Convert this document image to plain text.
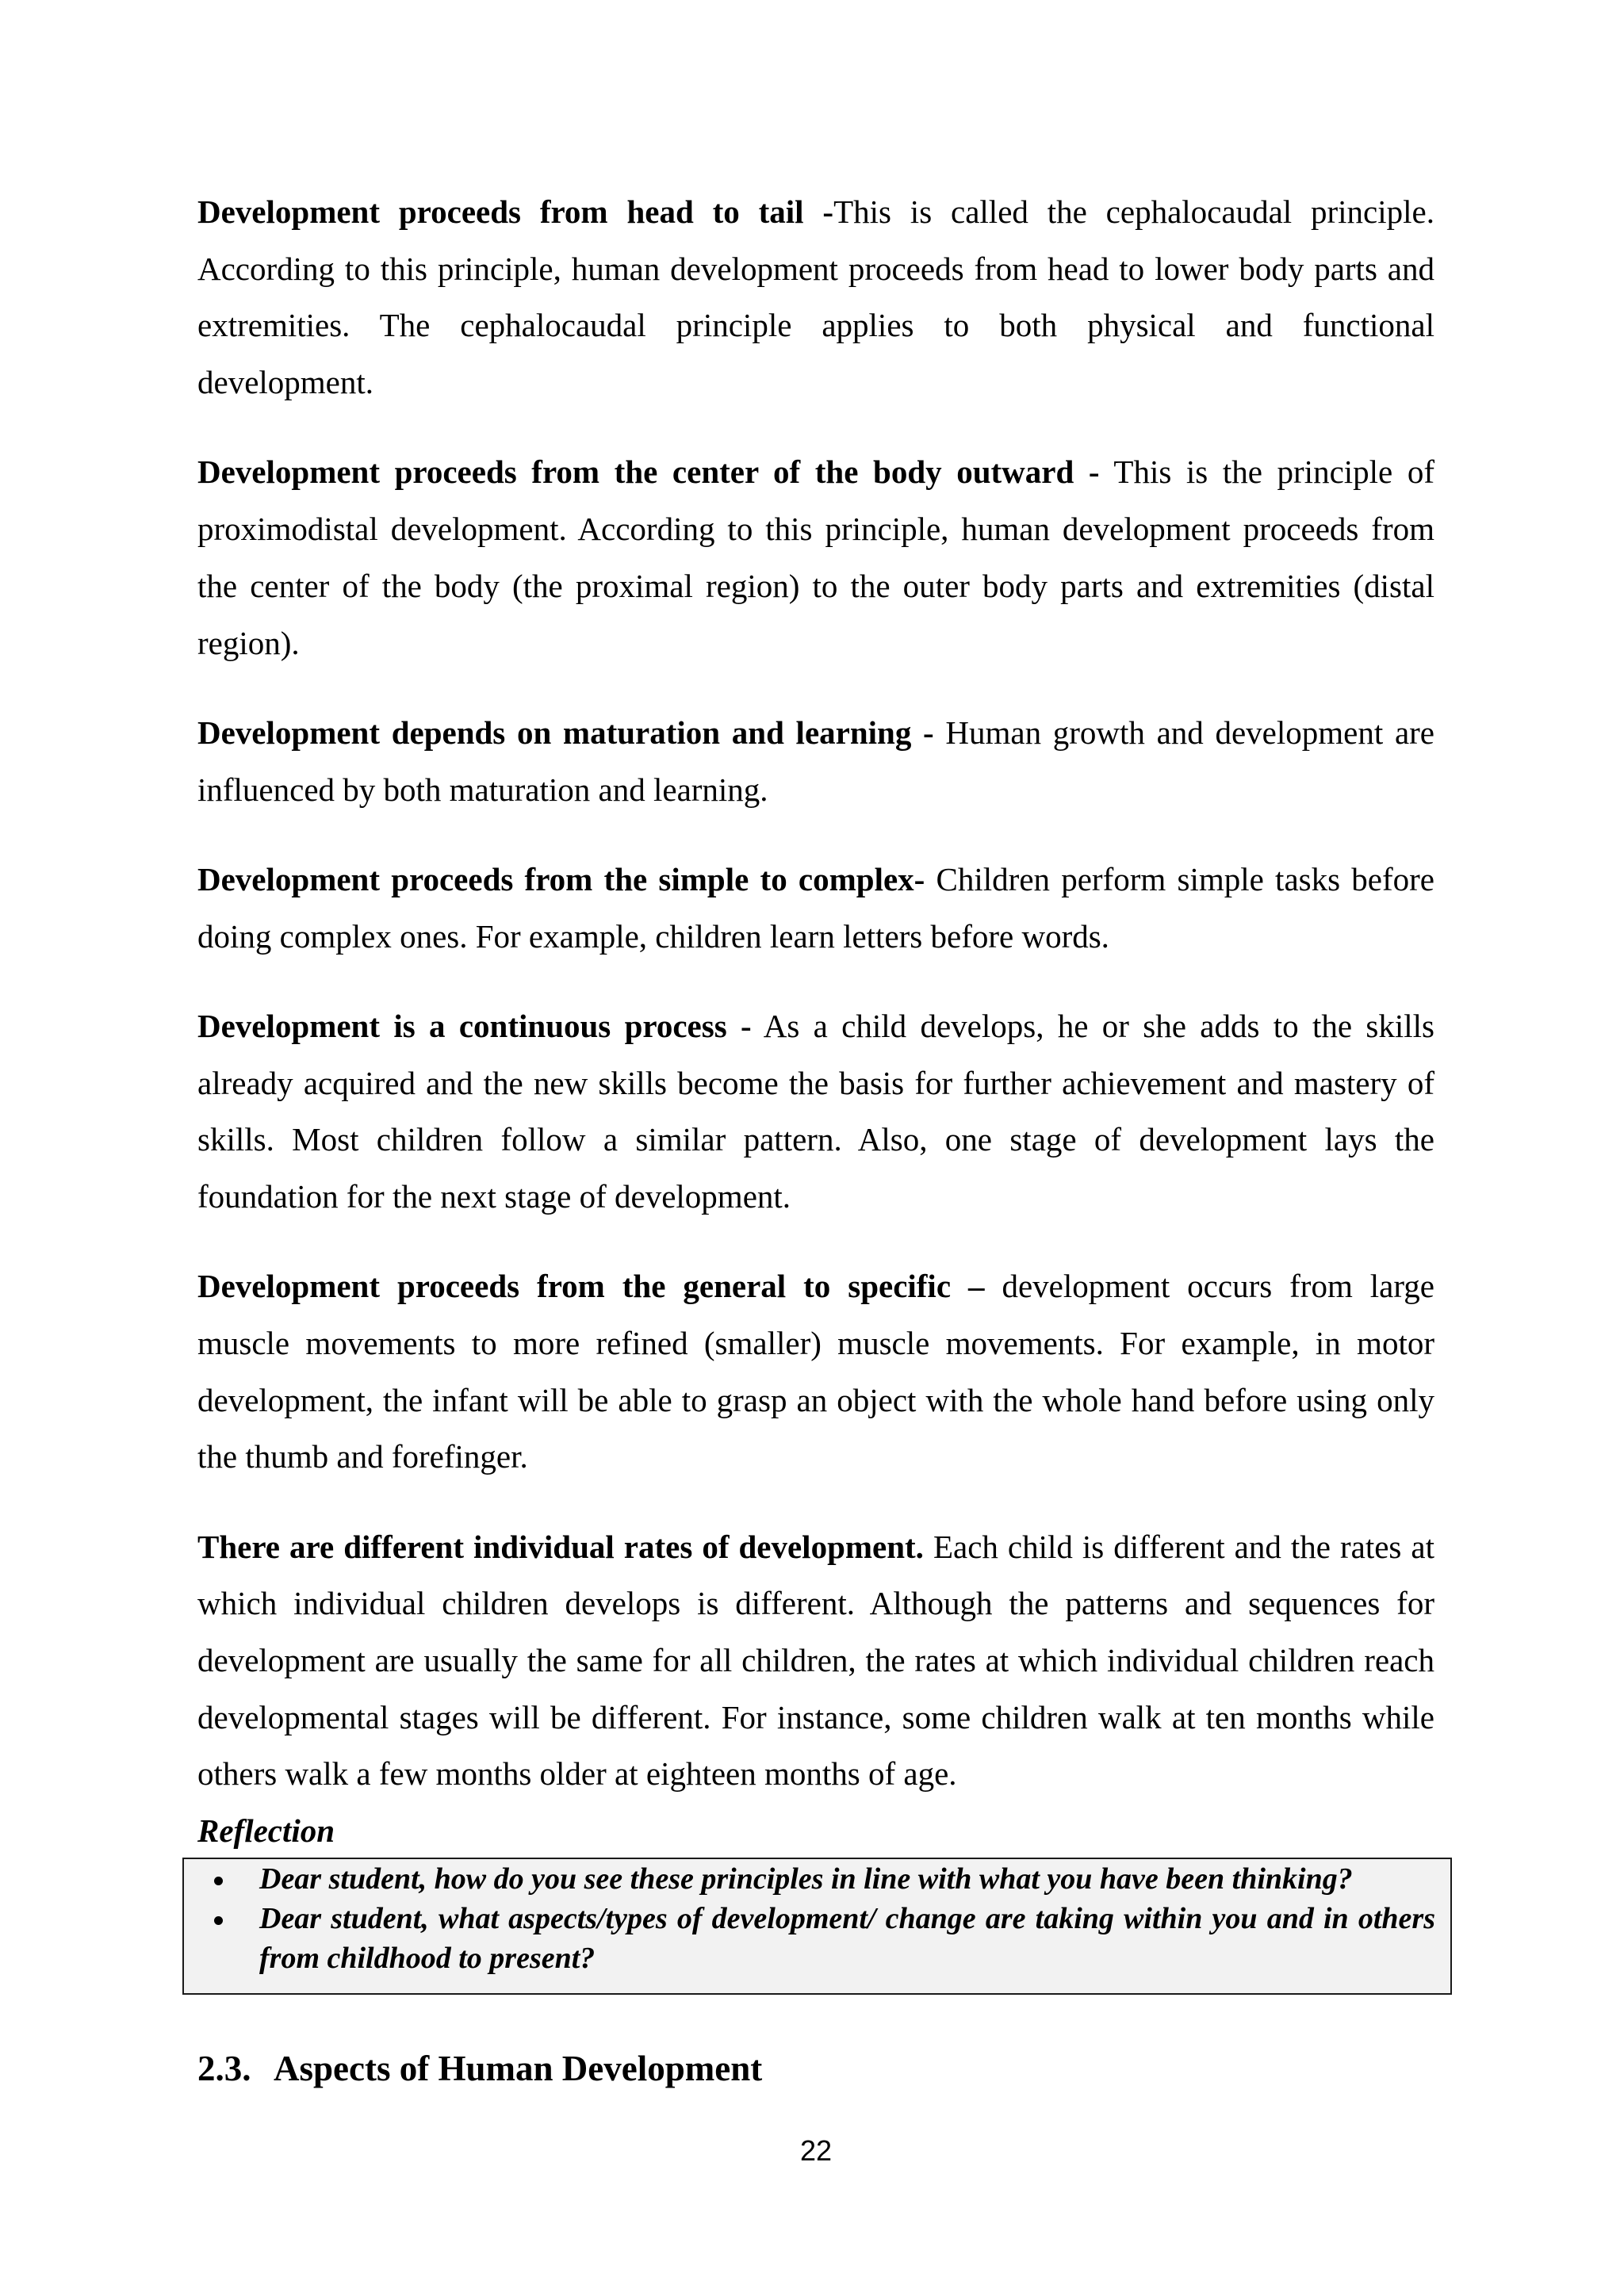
Development proceeds from head to tail -This is called the cephalocaudal principle.
According to this principle, human development proceeds from head to lower body parts and
extremities. The cephalocaudal principle applies to both physical and functional
development.
Development proceeds from the center of the body outward - This is the principle of
proximodistal development. According to this principle, human development proceeds from
the center of the body (the proximal region) to the outer body parts and extremities (distal
region).
Development depends on maturation and learning - Human growth and development are
influenced by both maturation and learning.
Development proceeds from the simple to complex- Children perform simple tasks before
doing complex ones. For example, children learn letters before words.
Development is a continuous process - As a child develops, he or she adds to the skills
already acquired and the new skills become the basis for further achievement and mastery of
skills. Most children follow a similar pattern. Also, one stage of development lays the
foundation for the next stage of development.
Development proceeds from the general to specific – development occurs from large
muscle movements to more refined (smaller) muscle movements. For example, in motor
development, the infant will be able to grasp an object with the whole hand before using only
the thumb and forefinger.
There are different individual rates of development. Each child is different and the rates at
which individual children develops is different. Although the patterns and sequences for
development are usually the same for all children, the rates at which individual children reach
developmental stages will be different. For instance, some children walk at ten months while
others walk a few months older at eighteen months of age.
Reflection
Dear student, how do you see these principles in line with what you have been thinking?
Dear student, what aspects/types of development/ change are taking within you and in others
from childhood to present?
2.3. Aspects of Human Development
22
